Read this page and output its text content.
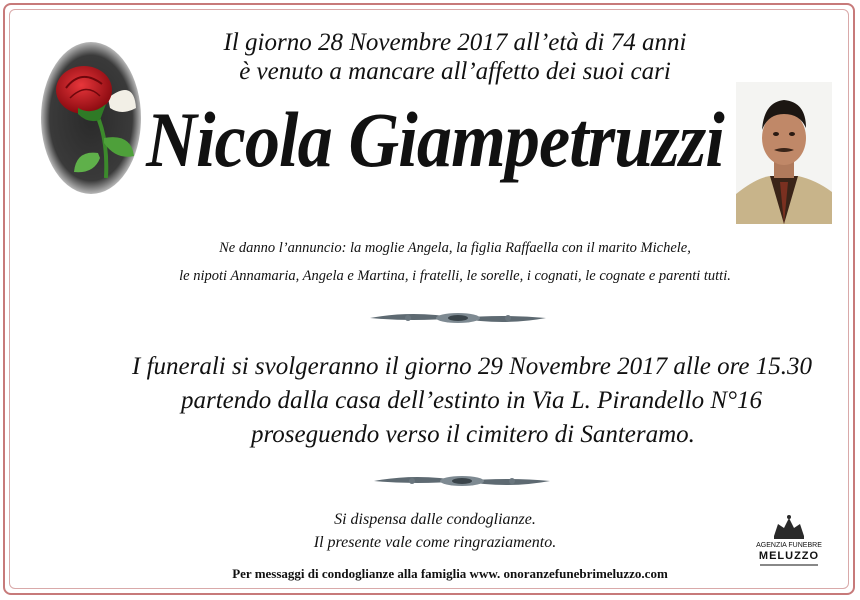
Il giorno 28 Novembre 2017 all’età di 74 anni
è venuto a mancare all’affetto dei suoi cari
Nicola Giampetruzzi
Ne danno l’annuncio: la moglie Angela, la figlia Raffaella con il marito Michele,
le nipoti Annamaria, Angela e Martina, i fratelli, le sorelle, i cognati, le cognate e parenti tutti.
I funerali si svolgeranno il giorno 29 Novembre 2017 alle ore 15.30
partendo dalla casa dell’estinto in Via L. Pirandello N°16
proseguendo verso il cimitero di Santeramo.
Si dispensa dalle condoglianze.
Il presente vale come ringraziamento.
Per messaggi di condoglianze alla famiglia www. onoranzefunebrimeluzzo.com
AGENZIA FUNEBRE
MELUZZO
